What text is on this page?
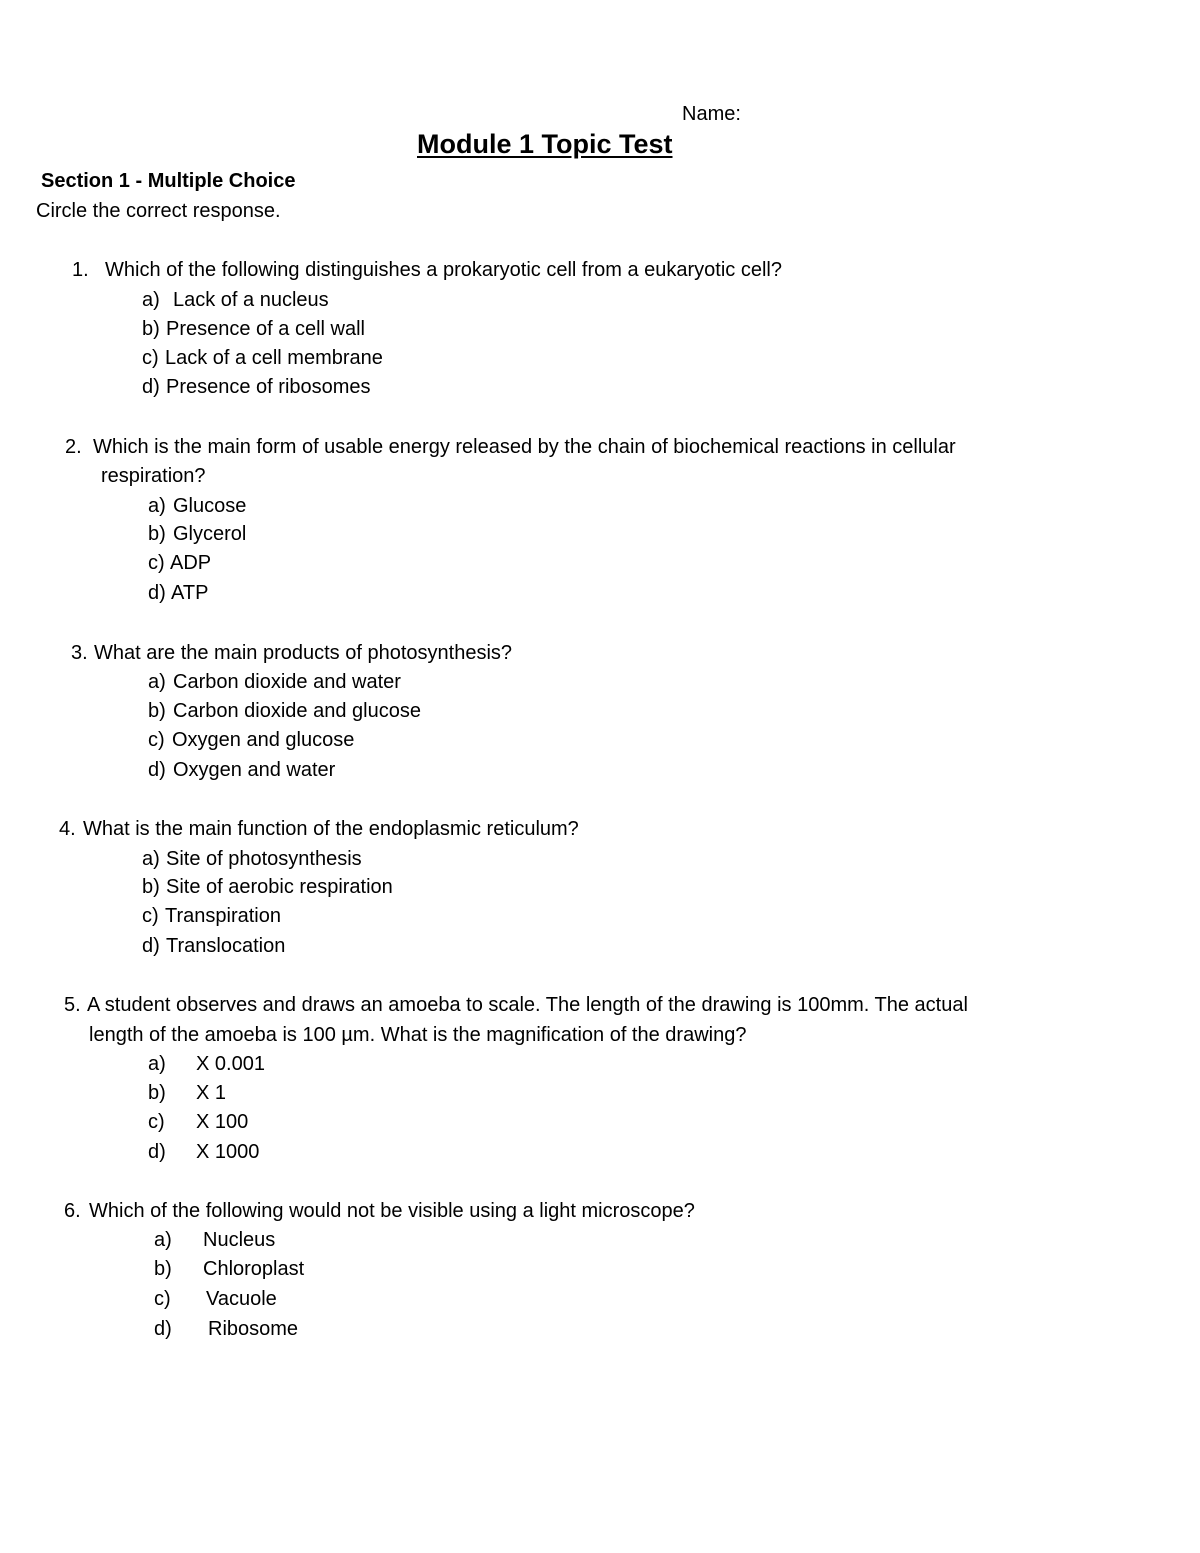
Name:
Module 1 Topic Test
Section 1 - Multiple Choice
Circle the correct response.
1. Which of the following distinguishes a prokaryotic cell from a eukaryotic cell?
a) Lack of a nucleus
b) Presence of a cell wall
c) Lack of a cell membrane
d) Presence of ribosomes
2. Which is the main form of usable energy released by the chain of biochemical reactions in cellular
respiration?
a) Glucose
b) Glycerol
c) ADP
d) ATP
3. What are the main products of photosynthesis?
a) Carbon dioxide and water
b) Carbon dioxide and glucose
c) Oxygen and glucose
d) Oxygen and water
4. What is the main function of the endoplasmic reticulum?
a) Site of photosynthesis
b) Site of aerobic respiration
c) Transpiration
d) Translocation
5. A student observes and draws an amoeba to scale. The length of the drawing is 100mm. The actual
length of the amoeba is 100 µm. What is the magnification of the drawing?
a) X 0.001
b) X 1
c) X 100
d) X 1000
6. Which of the following would not be visible using a light microscope?
a) Nucleus
b) Chloroplast
c) Vacuole
d) Ribosome
